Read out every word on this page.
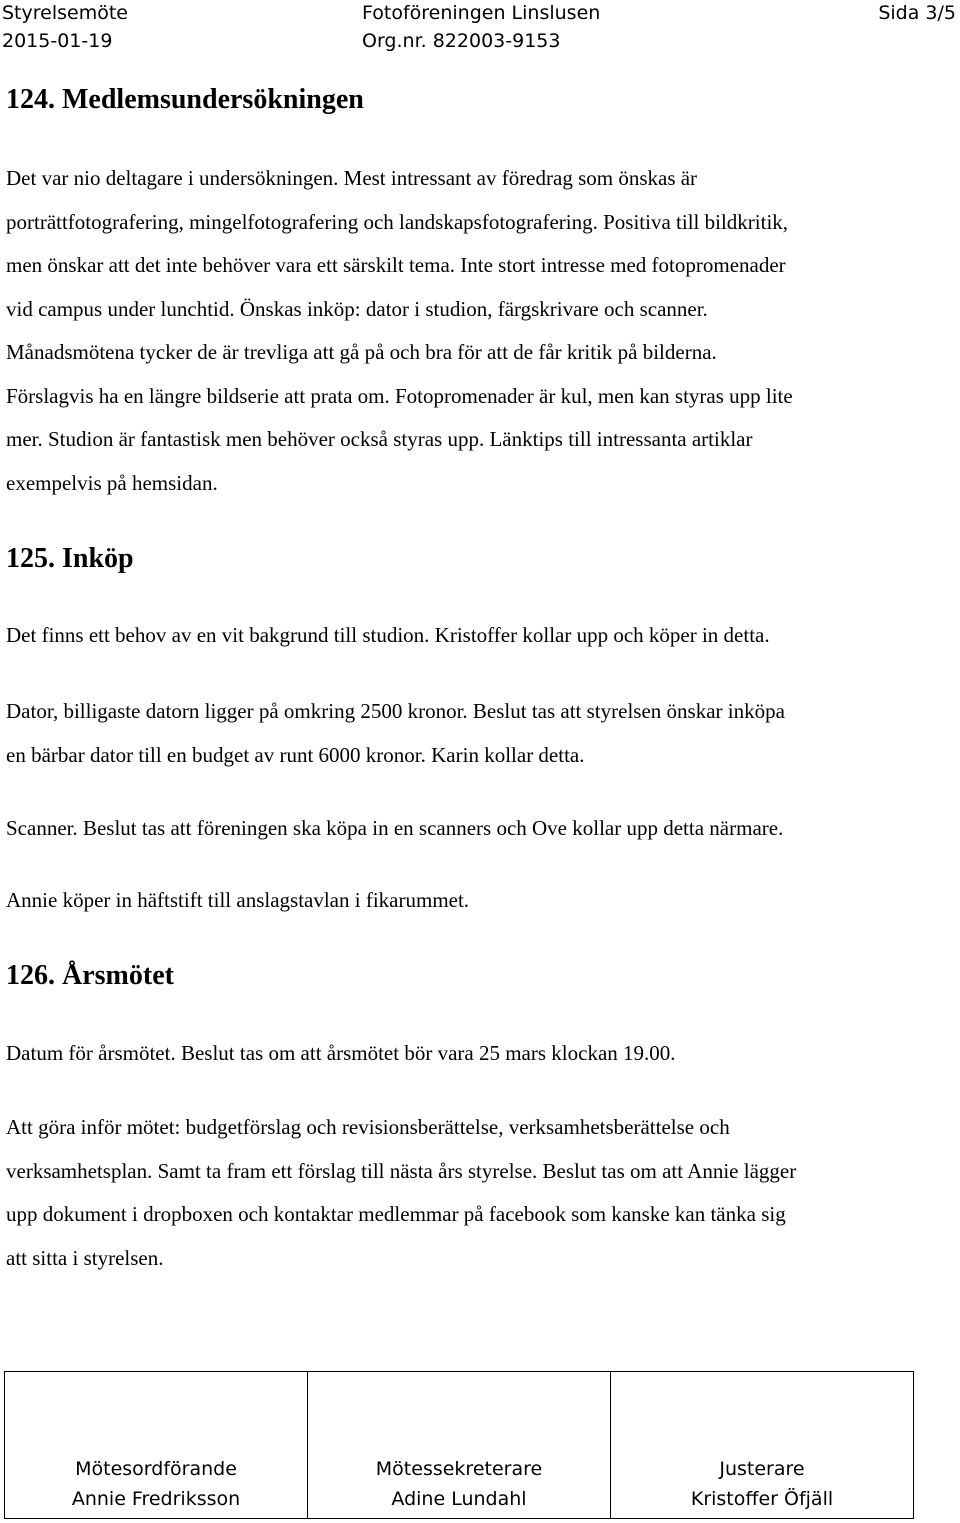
Styrelsemöte
2015-01-19
Fotoföreningen Linslusen
Org.nr. 822003-9153
Sida 3/5
124. Medlemsundersökningen
Det var nio deltagare i undersökningen. Mest intressant av föredrag som önskas är
porträttfotografering, mingelfotografering och landskapsfotografering. Positiva till bildkritik,
men önskar att det inte behöver vara ett särskilt tema. Inte stort intresse med fotopromenader
vid campus under lunchtid. Önskas inköp: dator i studion, färgskrivare och scanner.
Månadsmötena tycker de är trevliga att gå på och bra för att de får kritik på bilderna.
Förslagvis ha en längre bildserie att prata om. Fotopromenader är kul, men kan styras upp lite
mer. Studion är fantastisk men behöver också styras upp. Länktips till intressanta artiklar
exempelvis på hemsidan.
125. Inköp
Det finns ett behov av en vit bakgrund till studion. Kristoffer kollar upp och köper in detta.
Dator, billigaste datorn ligger på omkring 2500 kronor. Beslut tas att styrelsen önskar inköpa
en bärbar dator till en budget av runt 6000 kronor. Karin kollar detta.
Scanner. Beslut tas att föreningen ska köpa in en scanners och Ove kollar upp detta närmare.
Annie köper in häftstift till anslagstavlan i fikarummet.
126. Årsmötet
Datum för årsmötet. Beslut tas om att årsmötet bör vara 25 mars klockan 19.00.
Att göra inför mötet: budgetförslag och revisionsberättelse, verksamhetsberättelse och
verksamhetsplan. Samt ta fram ett förslag till nästa års styrelse. Beslut tas om att Annie lägger
upp dokument i dropboxen och kontaktar medlemmar på facebook som kanske kan tänka sig
att sitta i styrelsen.
Mötesordförande
Annie Fredriksson

Mötessekreterare
Adine Lundahl

Justerare
Kristoffer Öfjäll
